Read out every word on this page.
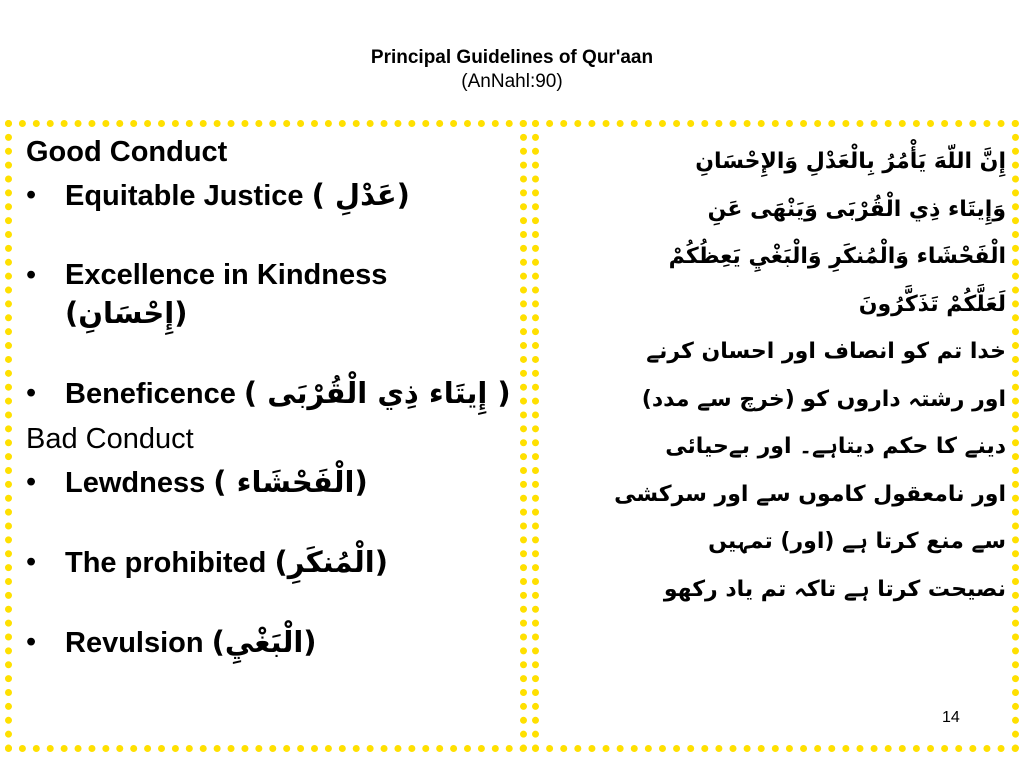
Principal Guidelines of Qur'aan
(AnNahl:90)
Good Conduct
• Equitable Justice (عَدْلِ )
• Excellence in Kindness
(إِحْسَانِ)
• Beneficence ( إِيتَاء ذِي الْقُرْبَى )
Bad Conduct
• Lewdness (الْفَحْشَاء )
• The prohibited (الْمُنكَرِ)
• Revulsion (الْبَغْيِ)
إِنَّ اللّهَ يَأْمُرُ بِالْعَدْلِ وَالإِحْسَانِ
وَإِيتَاء ذِي الْقُرْبَى وَيَنْهَى عَنِ
الْفَحْشَاء وَالْمُنكَرِ وَالْبَغْيِ يَعِظُكُمْ
لَعَلَّكُمْ تَذَكَّرُونَ
خدا تم کو انصاف اور احسان کرنے
اور رشتہ داروں کو (خرچ سے مدد)
دینے کا حکم دیتاہے۔ اور بےحیائی
اور نامعقول کاموں سے اور سرکشی
سے منع کرتا ہے (اور) تمہیں
نصیحت کرتا ہے تاکہ تم یاد رکھو
14
